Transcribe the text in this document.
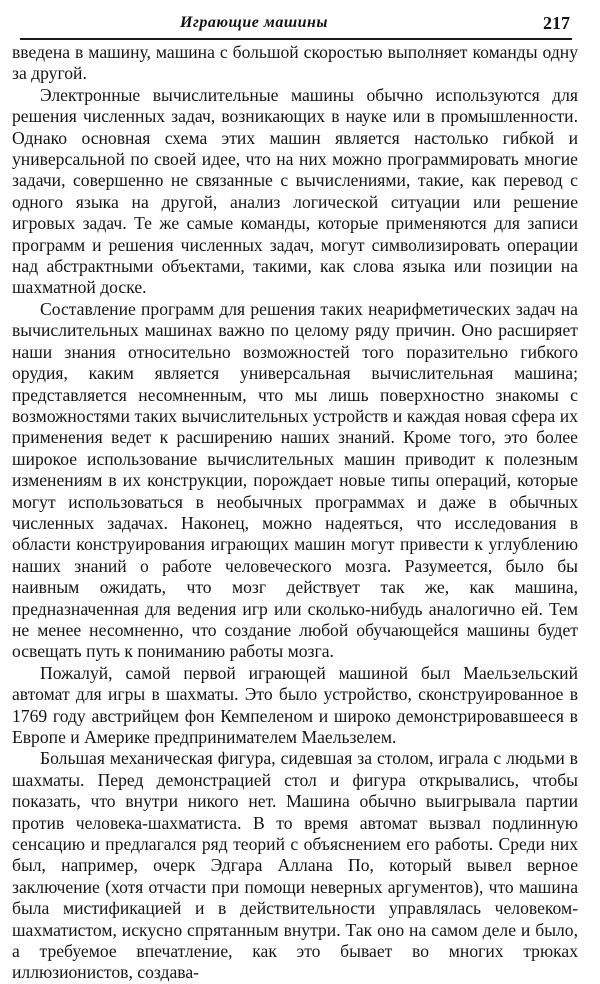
Играющие машины	217

введена в машину, машина с большой скоростью выполняет команды одну за другой.

Электронные вычислительные машины обычно используются для решения численных задач, возникающих в науке или в промышленности. Однако основная схема этих машин является настолько гибкой и универсальной по своей идее, что на них можно программировать многие задачи, совершенно не связанные с вычислениями, такие, как перевод с одного языка на другой, анализ логической ситуации или решение игровых задач. Те же самые команды, которые применяются для записи программ и решения численных задач, могут символизировать операции над абстрактными объектами, такими, как слова языка или позиции на шахматной доске.

Составление программ для решения таких неарифметических задач на вычислительных машинах важно по целому ряду причин. Оно расширяет наши знания относительно возможностей того поразительно гибкого орудия, каким является универсальная вычислительная машина; представляется несомненным, что мы лишь поверхностно знакомы с возможностями таких вычислительных устройств и каждая новая сфера их применения ведет к расширению наших знаний. Кроме того, это более широкое использование вычислительных машин приводит к полезным изменениям в их конструкции, порождает новые типы операций, которые могут использоваться в необычных программах и даже в обычных численных задачах. Наконец, можно надеяться, что исследования в области конструирования играющих машин могут привести к углублению наших знаний о работе человеческого мозга. Разумеется, было бы наивным ожидать, что мозг действует так же, как машина, предназначенная для ведения игр или сколько-нибудь аналогично ей. Тем не менее несомненно, что создание любой обучающейся машины будет освещать путь к пониманию работы мозга.

Пожалуй, самой первой играющей машиной был Маельзельский автомат для игры в шахматы. Это было устройство, сконструированное в 1769 году австрийцем фон Кемпеленом и широко демонстрировавшееся в Европе и Америке предпринимателем Маельзелем.

Большая механическая фигура, сидевшая за столом, играла с людьми в шахматы. Перед демонстрацией стол и фигура открывались, чтобы показать, что внутри никого нет. Машина обычно выигрывала партии против человека-шахматиста. В то время автомат вызвал подлинную сенсацию и предлагался ряд теорий с объяснением его работы. Среди них был, например, очерк Эдгара Аллана По, который вывел верное заключение (хотя отчасти при помощи неверных аргументов), что машина была мистификацией и в действительности управлялась человеком-шахматистом, искусно спрятанным внутри. Так оно на самом деле и было, а требуемое впечатление, как это бывает во многих трюках иллюзионистов, создава-
